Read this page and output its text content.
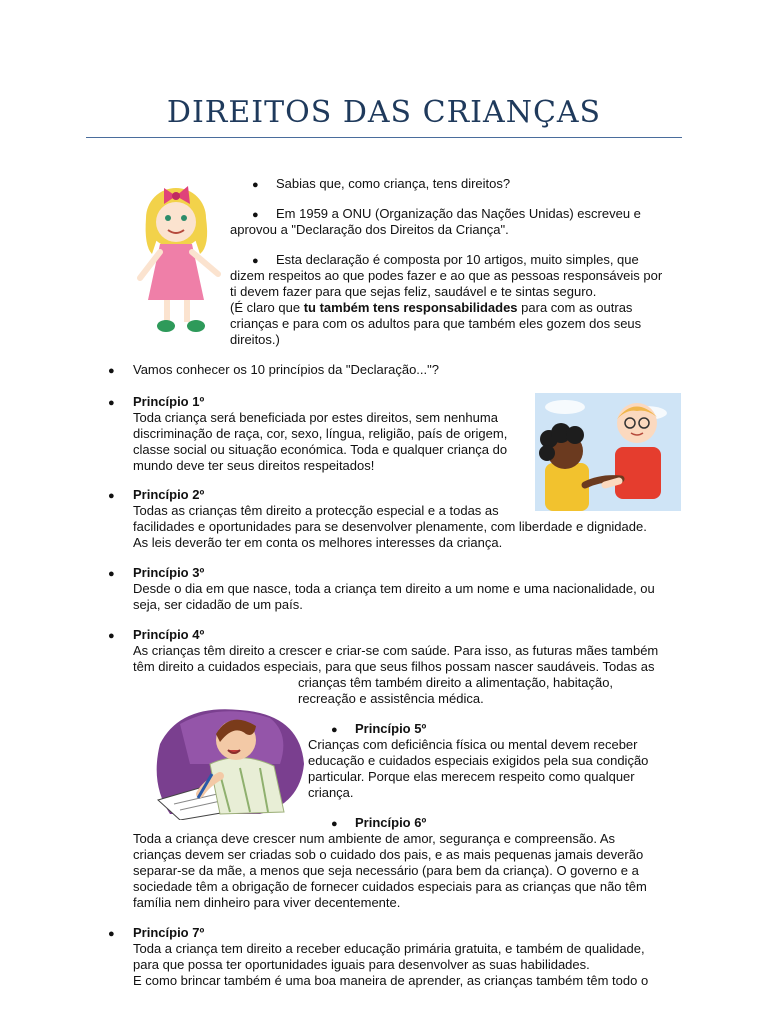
DIREITOS DAS CRIANÇAS
● Sabias que, como criança, tens direitos?

● Em 1959 a ONU (Organização das Nações Unidas) escreveu e

aprovou a "Declaração dos Direitos da Criança".

● Esta declaração é composta por 10 artigos, muito simples, que

dizem respeitos ao que podes fazer e ao que as pessoas responsáveis por

ti devem fazer para que sejas feliz, saudável e te sintas seguro.

(É claro que tu também tens responsabilidades para com as outras

crianças e para com os adultos para que também eles gozem dos seus

direitos.)

● Vamos conhecer os 10 princípios da "Declaração..."?

● Princípio 1º

Toda criança será beneficiada por estes direitos, sem nenhuma

discriminação de raça, cor, sexo, língua, religião, país de origem,

classe social ou situação económica. Toda e qualquer criança do

mundo deve ter seus direitos respeitados!

● Princípio 2º

Todas as crianças têm direito a protecção especial e a todas as

facilidades e oportunidades para se desenvolver plenamente, com liberdade e dignidade.

As leis deverão ter em conta os melhores interesses da criança.

● Princípio 3º

Desde o dia em que nasce, toda a criança tem direito a um nome e uma nacionalidade, ou

seja, ser cidadão de um país.

● Princípio 4º

As crianças têm direito a crescer e criar-se com saúde. Para isso, as futuras mães também

têm direito a cuidados especiais, para que seus filhos possam nascer saudáveis. Todas as

crianças têm também direito a alimentação, habitação,

recreação e assistência médica.

● Princípio 5º

Crianças com deficiência física ou mental devem receber

educação e cuidados especiais exigidos pela sua condição

particular. Porque elas merecem respeito como qualquer

criança.

● Princípio 6º

Toda a criança deve crescer num ambiente de amor, segurança e compreensão. As

crianças devem ser criadas sob o cuidado dos pais, e as mais pequenas jamais deverão

separar-se da mãe, a menos que seja necessário (para bem da criança). O governo e a

sociedade têm a obrigação de fornecer cuidados especiais para as crianças que não têm

família nem dinheiro para viver decentemente.

● Princípio 7º

Toda a criança tem direito a receber educação primária gratuita, e também de qualidade,

para que possa ter oportunidades iguais para desenvolver as suas habilidades.

E como brincar também é uma boa maneira de aprender, as crianças também têm todo o
